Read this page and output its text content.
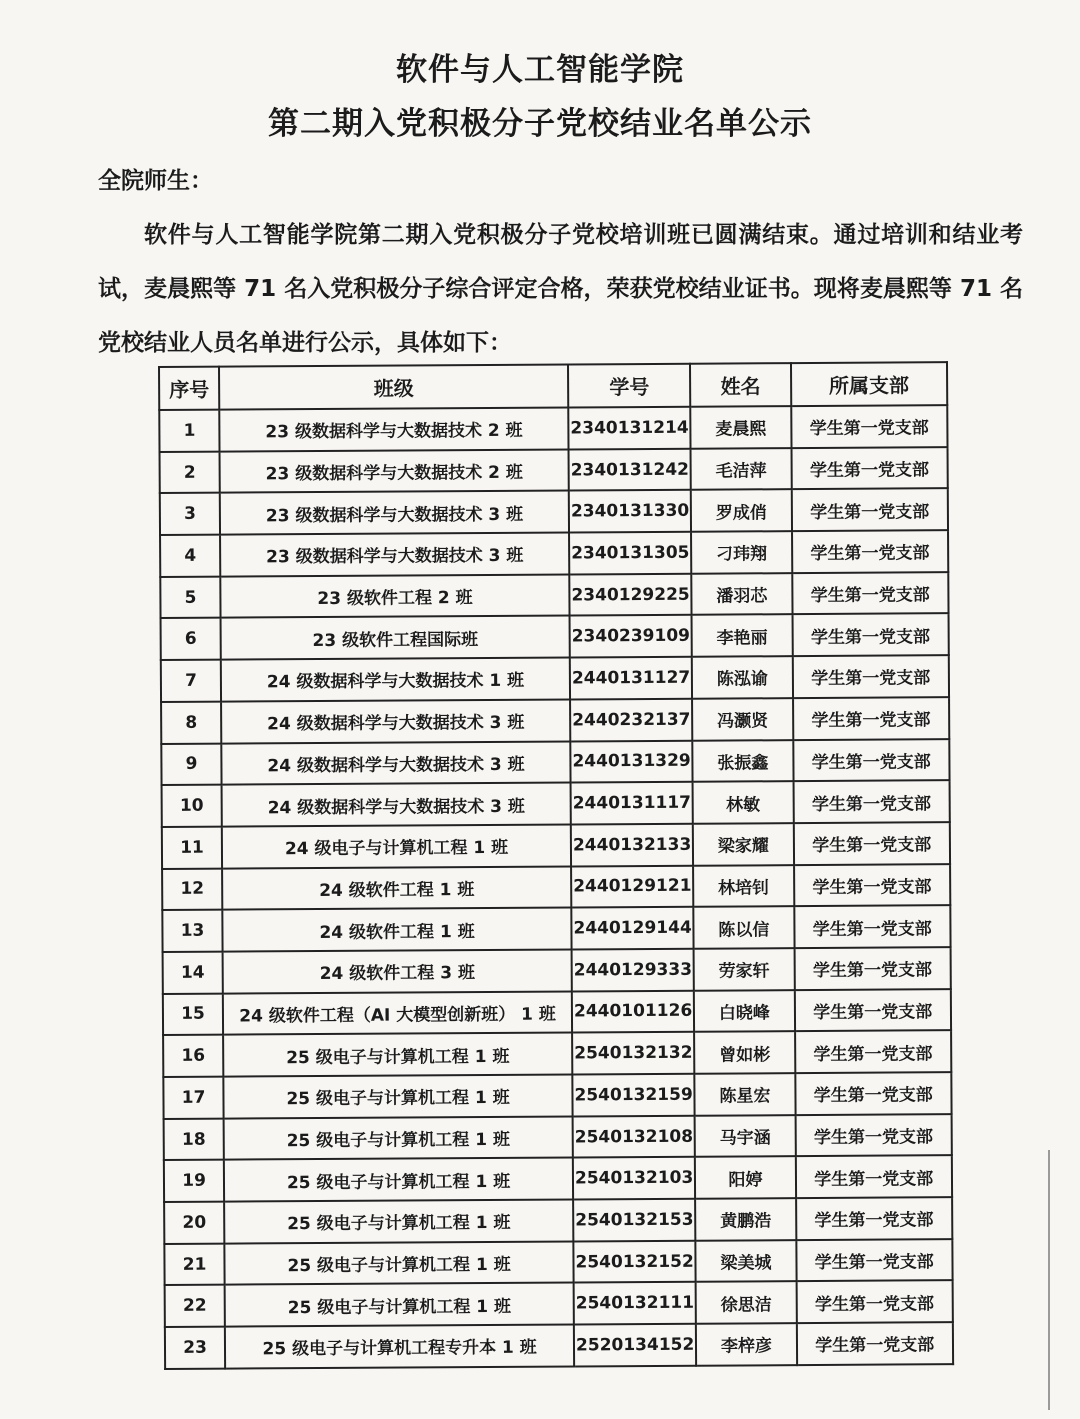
软件与人工智能学院
第二期入党积极分子党校结业名单公示
全院师生：
软件与人工智能学院第二期入党积极分子党校培训班已圆满结束。通过培训和结业考试，麦晨熙等 71 名入党积极分子综合评定合格，荣获党校结业证书。现将麦晨熙等 71 名党校结业人员名单进行公示，具体如下：
序号	班级	学号	姓名	所属支部
1	23 级数据科学与大数据技术 2 班	2340131214	麦晨熙	学生第一党支部
2	23 级数据科学与大数据技术 2 班	2340131242	毛洁萍	学生第一党支部
3	23 级数据科学与大数据技术 3 班	2340131330	罗成俏	学生第一党支部
4	23 级数据科学与大数据技术 3 班	2340131305	刁玮翔	学生第一党支部
5	23 级软件工程 2 班	2340129225	潘羽芯	学生第一党支部
6	23 级软件工程国际班	2340239109	李艳丽	学生第一党支部
7	24 级数据科学与大数据技术 1 班	2440131127	陈泓谕	学生第一党支部
8	24 级数据科学与大数据技术 3 班	2440232137	冯灏贤	学生第一党支部
9	24 级数据科学与大数据技术 3 班	2440131329	张振鑫	学生第一党支部
10	24 级数据科学与大数据技术 3 班	2440131117	林敏	学生第一党支部
11	24 级电子与计算机工程 1 班	2440132133	梁家耀	学生第一党支部
12	24 级软件工程 1 班	2440129121	林培钊	学生第一党支部
13	24 级软件工程 1 班	2440129144	陈以信	学生第一党支部
14	24 级软件工程 3 班	2440129333	劳家轩	学生第一党支部
15	24 级软件工程（AI 大模型创新班） 1 班	2440101126	白晓峰	学生第一党支部
16	25 级电子与计算机工程 1 班	2540132132	曾如彬	学生第一党支部
17	25 级电子与计算机工程 1 班	2540132159	陈星宏	学生第一党支部
18	25 级电子与计算机工程 1 班	2540132108	马宇涵	学生第一党支部
19	25 级电子与计算机工程 1 班	2540132103	阳婷	学生第一党支部
20	25 级电子与计算机工程 1 班	2540132153	黄鹏浩	学生第一党支部
21	25 级电子与计算机工程 1 班	2540132152	梁美城	学生第一党支部
22	25 级电子与计算机工程 1 班	2540132111	徐思洁	学生第一党支部
23	25 级电子与计算机工程专升本 1 班	2520134152	李梓彦	学生第一党支部
